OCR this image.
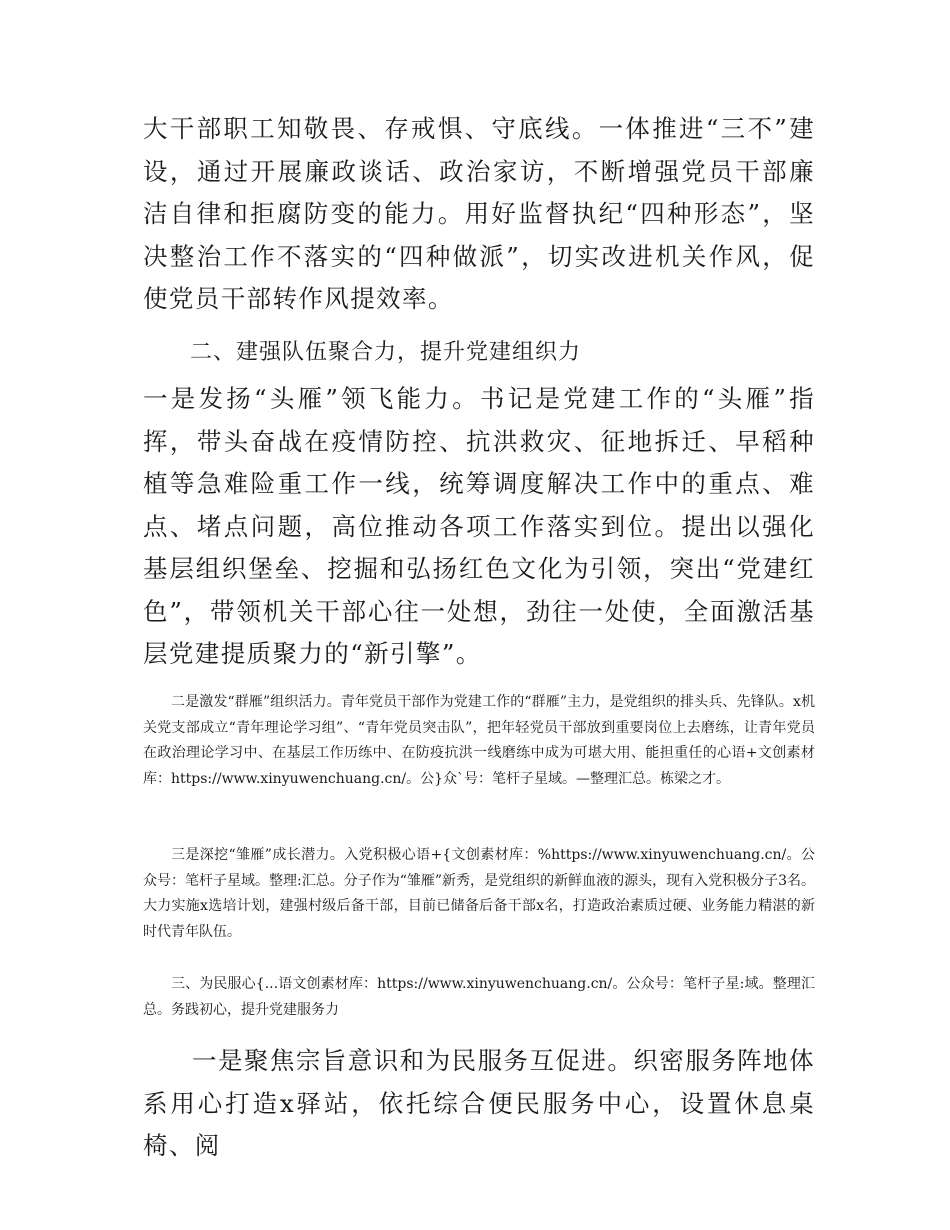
大干部职工知敬畏、存戒惧、守底线。一体推进“三不”建设，通过开展廉政谈话、政治家访，不断增强党员干部廉洁自律和拒腐防变的能力。用好监督执纪“四种形态”，坚决整治工作不落实的“四种做派”，切实改进机关作风，促使党员干部转作风提效率。

二、建强队伍聚合力，提升党建组织力

一是发扬“头雁”领飞能力。书记是党建工作的“头雁”指挥，带头奋战在疫情防控、抗洪救灾、征地拆迁、早稻种植等急难险重工作一线，统筹调度解决工作中的重点、难点、堵点问题，高位推动各项工作落实到位。提出以强化基层组织堡垒、挖掘和弘扬红色文化为引领，突出“党建红色”，带领机关干部心往一处想，劲往一处使，全面激活基层党建提质聚力的“新引擎”。

二是激发“群雁”组织活力。青年党员干部作为党建工作的“群雁”主力，是党组织的排头兵、先锋队。x机关党支部成立“青年理论学习组”、“青年党员突击队”，把年轻党员干部放到重要岗位上去磨练，让青年党员在政治理论学习中、在基层工作历练中、在防疫抗洪一线磨练中成为可堪大用、能担重任的心语+文创素材库：https://www.xinyuwenchuang.cn/。公}众`号：笔杆子星域。—整理汇总。栋梁之才。

三是深挖“雏雁”成长潜力。入党积极心语+{文创素材库：%https://www.xinyuwenchuang.cn/。公众号：笔杆子星域。整理:汇总。分子作为“雏雁”新秀，是党组织的新鲜血液的源头，现有入党积极分子3名。大力实施x选培计划，建强村级后备干部，目前已储备后备干部x名，打造政治素质过硬、业务能力精湛的新时代青年队伍。

三、为民服心{...语文创素材库：https://www.xinyuwenchuang.cn/。公众号：笔杆子星:域。整理汇总。务践初心，提升党建服务力

一是聚焦宗旨意识和为民服务互促进。织密服务阵地体系用心打造x驿站，依托综合便民服务中心，设置休息桌椅、阅
